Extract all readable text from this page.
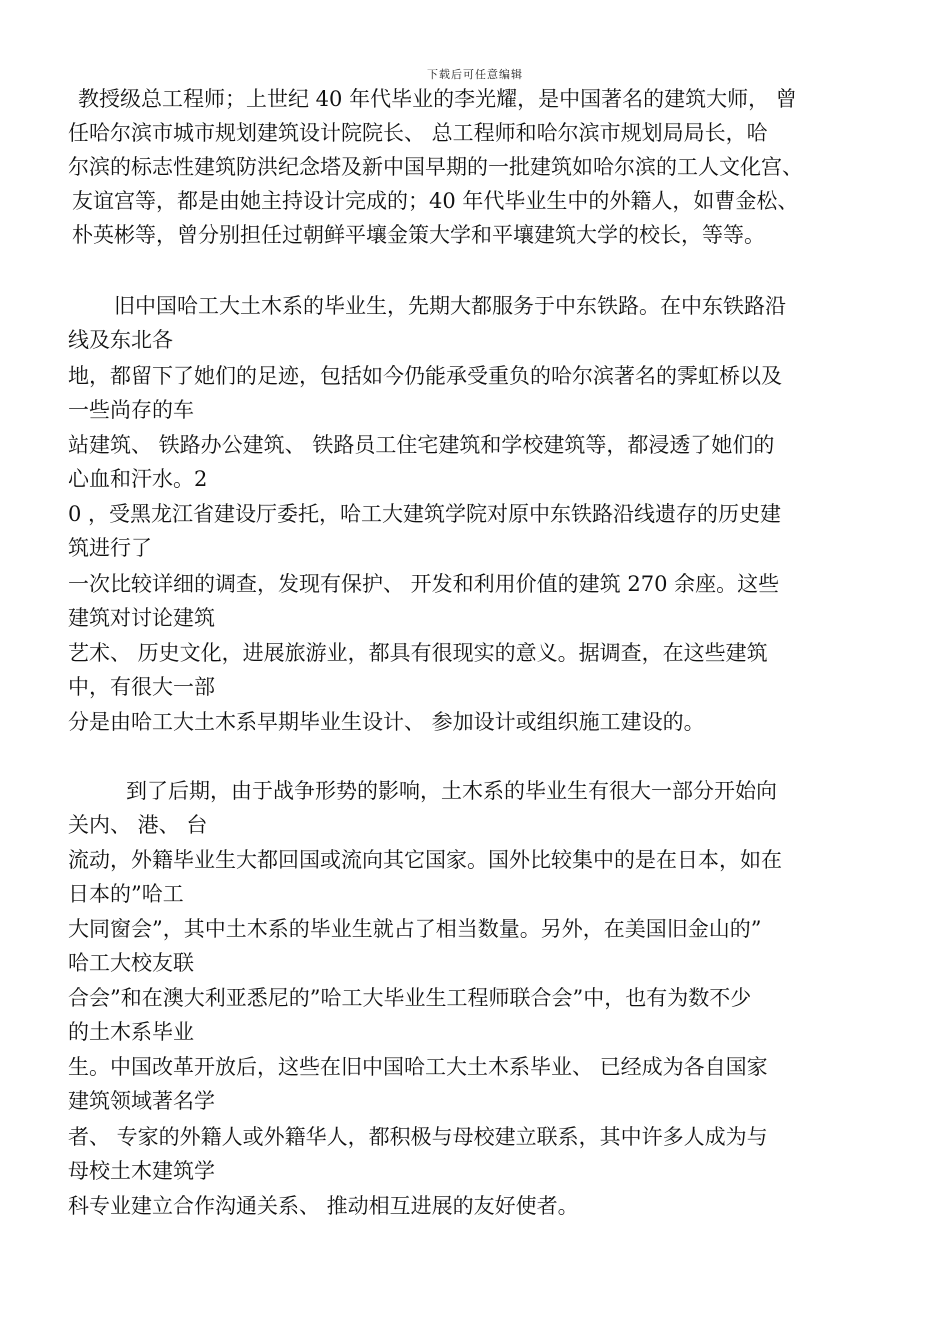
下载后可任意编辑
教授级总工程师；上世纪 40 年代毕业的李光耀，是中国著名的建筑大师， 曾
任哈尔滨市城市规划建筑设计院院长、 总工程师和哈尔滨市规划局局长，哈
尔滨的标志性建筑防洪纪念塔及新中国早期的一批建筑如哈尔滨的工人文化宫、
友谊宫等，都是由她主持设计完成的；40 年代毕业生中的外籍人，如曹金松、
朴英彬等，曾分别担任过朝鲜平壤金策大学和平壤建筑大学的校长，等等。
旧中国哈工大土木系的毕业生，先期大都服务于中东铁路。在中东铁路沿
线及东北各
地，都留下了她们的足迹，包括如今仍能承受重负的哈尔滨著名的霁虹桥以及
一些尚存的车
站建筑、 铁路办公建筑、 铁路员工住宅建筑和学校建筑等，都浸透了她们的
心血和汗水。2
0 ，受黑龙江省建设厅委托，哈工大建筑学院对原中东铁路沿线遗存的历史建
筑进行了
一次比较详细的调查，发现有保护、 开发和利用价值的建筑 270 余座。这些
建筑对讨论建筑
艺术、 历史文化，进展旅游业，都具有很现实的意义。据调查，在这些建筑
中，有很大一部
分是由哈工大土木系早期毕业生设计、 参加设计或组织施工建设的。
到了后期，由于战争形势的影响，土木系的毕业生有很大一部分开始向
关内、 港、 台
流动，外籍毕业生大都回国或流向其它国家。国外比较集中的是在日本，如在
日本的”哈工
大同窗会”，其中土木系的毕业生就占了相当数量。另外，在美国旧金山的”
哈工大校友联
合会”和在澳大利亚悉尼的”哈工大毕业生工程师联合会”中，也有为数不少
的土木系毕业
生。中国改革开放后，这些在旧中国哈工大土木系毕业、 已经成为各自国家
建筑领域著名学
者、 专家的外籍人或外籍华人，都积极与母校建立联系，其中许多人成为与
母校土木建筑学
科专业建立合作沟通关系、 推动相互进展的友好使者。
